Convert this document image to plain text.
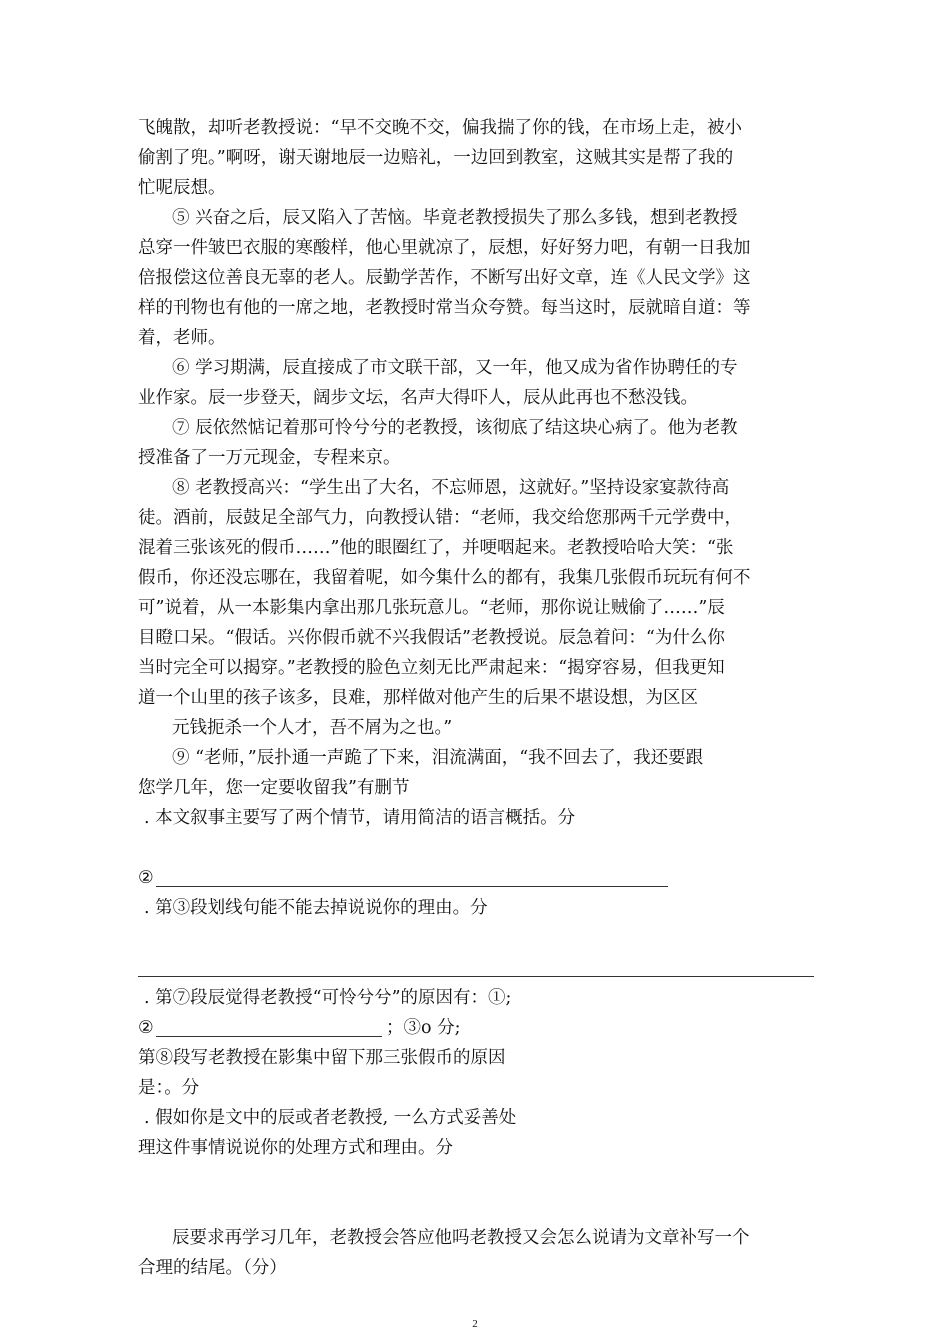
飞魄散，却听老教授说：“早不交晚不交，偏我揣了你的钱，在市场上走，被小
偷割了兜。”啊呀，谢天谢地辰一边赔礼，一边回到教室，这贼其实是帮了我的
忙呢辰想。
⑤ 兴奋之后，辰又陷入了苦恼。毕竟老教授损失了那么多钱，想到老教授
总穿一件皱巴衣服的寒酸样，他心里就凉了，辰想，好好努力吧，有朝一日我加
倍报偿这位善良无辜的老人。辰勤学苦作，不断写出好文章，连《人民文学》这
样的刊物也有他的一席之地，老教授时常当众夸赞。每当这时，辰就暗自道：等
着，老师。
⑥ 学习期满，辰直接成了市文联干部，又一年，他又成为省作协聘任的专
业作家。辰一步登天，阔步文坛，名声大得吓人，辰从此再也不愁没钱。
⑦ 辰依然惦记着那可怜兮兮的老教授，该彻底了结这块心病了。他为老教
授准备了一万元现金，专程来京。
⑧ 老教授高兴：“学生出了大名，不忘师恩，这就好。”坚持设家宴款待高
徒。酒前，辰鼓足全部气力，向教授认错：“老师，我交给您那两千元学费中，
混着三张该死的假币……”他的眼圈红了，并哽咽起来。老教授哈哈大笑：“张
假币，你还没忘哪在，我留着呢，如今集什么的都有，我集几张假币玩玩有何不
可”说着，从一本影集内拿出那几张玩意儿。“老师，那你说让贼偷了……”辰
目瞪口呆。“假话。兴你假币就不兴我假话”老教授说。辰急着问：“为什么你
当时完全可以揭穿。”老教授的脸色立刻无比严肃起来：“揭穿容易，但我更知
道一个山里的孩子该多，艮难，那样做对他产生的后果不堪设想，为区区
元钱扼杀一个人才，吾不屑为之也。”
⑨ “老师，”辰扑通一声跪了下来，泪流满面，“我不回去了，我还要跟
您学几年，您一定要收留我”有删节
. 本文叙事主要写了两个情节，请用简洁的语言概括。分
②
. 第③段划线句能不能去掉说说你的理由。分
. 第⑦段辰觉得老教授“可怜兮兮”的原因有：①;
②	；③o 分;
第⑧段写老教授在影集中留下那三张假币的原因
是：。分
. 假如你是文中的辰或者老教授, 一么方式妥善处
理这件事情说说你的处理方式和理由。分
辰要求再学习几年，老教授会答应他吗老教授又会怎么说请为文章补写一个
合理的结尾。（分）
2
